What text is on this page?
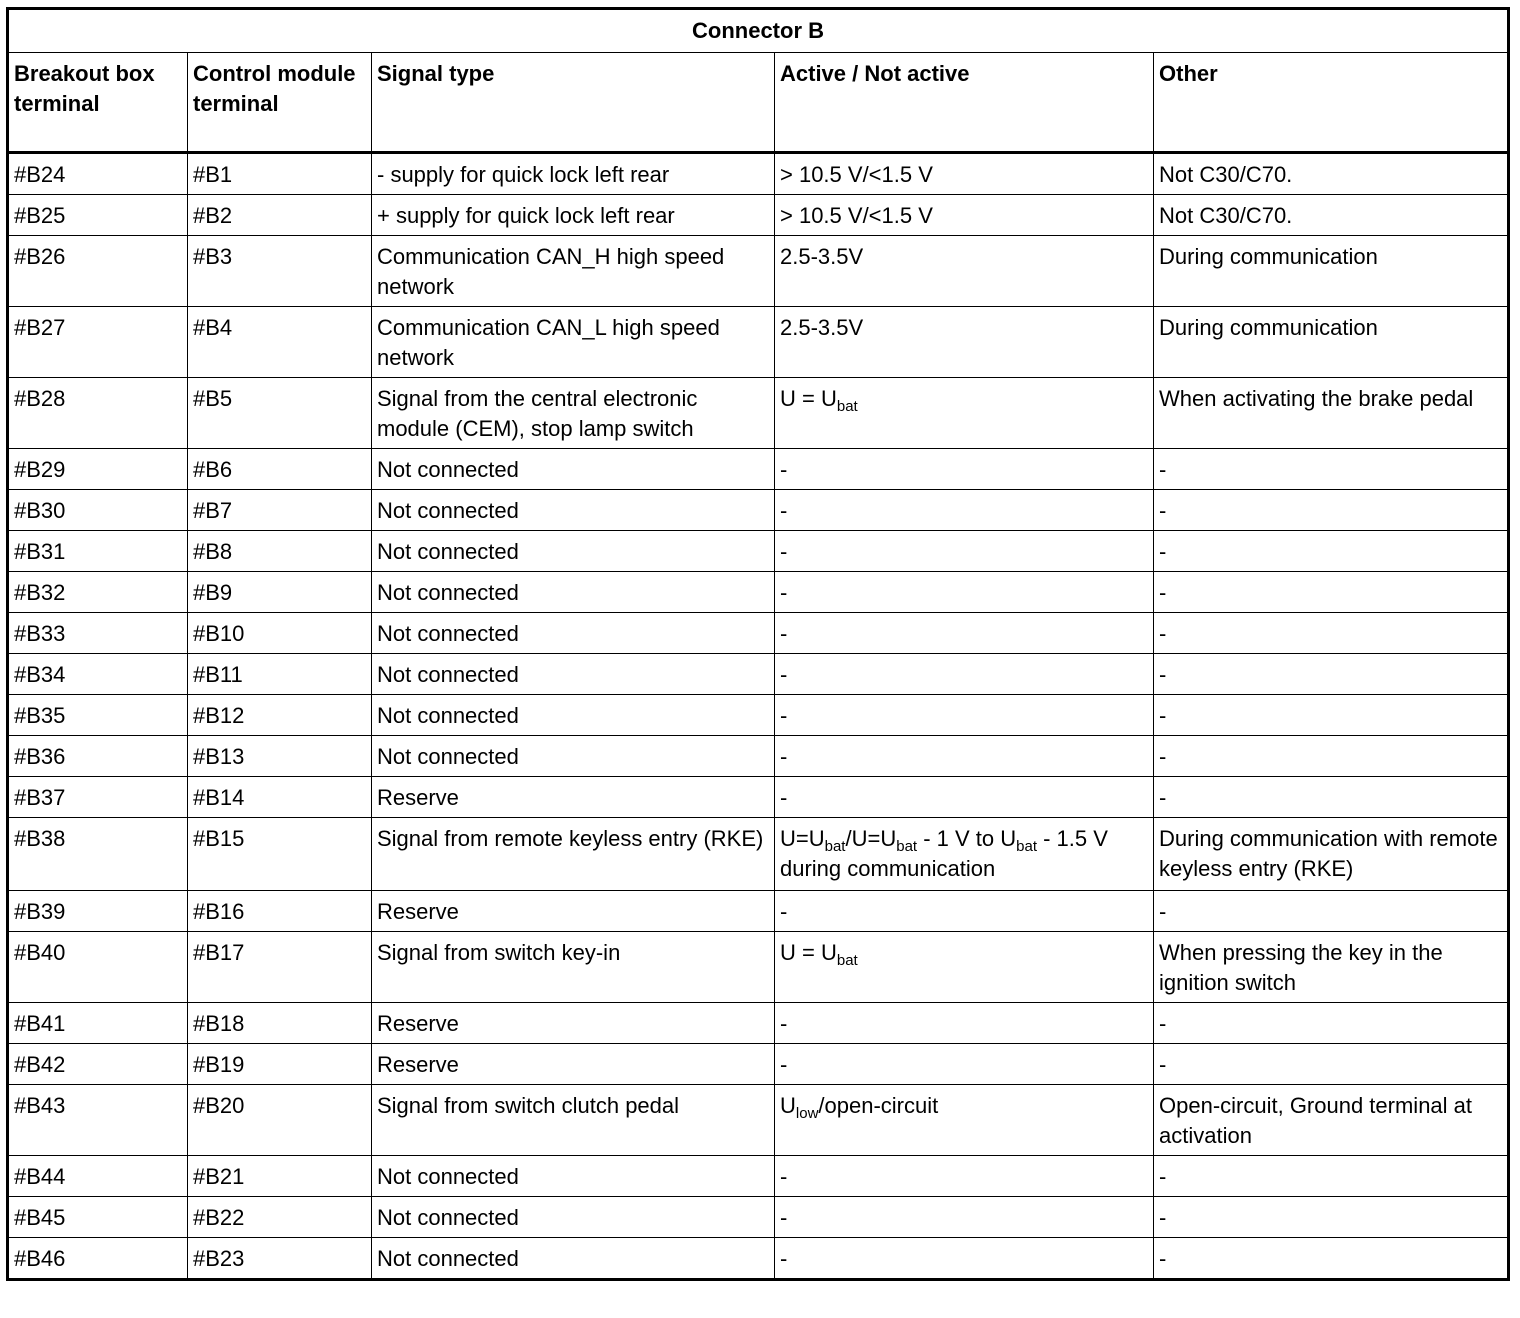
Connector B				
Breakout box terminal	Control module terminal	Signal type	Active / Not active	Other
#B24	#B1	- supply for quick lock left rear	> 10.5 V/<1.5 V	Not C30/C70.
#B25	#B2	+ supply for quick lock left rear	> 10.5 V/<1.5 V	Not C30/C70.
#B26	#B3	Communication CAN_H high speed network	2.5-3.5V	During communication
#B27	#B4	Communication CAN_L high speed network	2.5-3.5V	During communication
#B28	#B5	Signal from the central electronic module (CEM), stop lamp switch	$U = U_{bat}$	When activating the brake pedal
#B29	#B6	Not connected	-	-
#B30	#B7	Not connected	-	-
#B31	#B8	Not connected	-	-
#B32	#B9	Not connected	-	-
#B33	#B10	Not connected	-	-
#B34	#B11	Not connected	-	-
#B35	#B12	Not connected	-	-
#B36	#B13	Not connected	-	-
#B37	#B14	Reserve	-	-
#B38	#B15	Signal from remote keyless entry (RKE)	$U=U_{bat}/U=U_{bat} - 1$ V to $U_{bat} - 1.5$ V during communication	During communication with remote keyless entry (RKE)
#B39	#B16	Reserve	-	-
#B40	#B17	Signal from switch key-in	$U = U_{bat}$	When pressing the key in the ignition switch
#B41	#B18	Reserve	-	-
#B42	#B19	Reserve	-	-
#B43	#B20	Signal from switch clutch pedal	$U_{low}/open$-circuit	Open-circuit, Ground terminal at activation
#B44	#B21	Not connected	-	-
#B45	#B22	Not connected	-	-
#B46	#B23	Not connected	-	-
